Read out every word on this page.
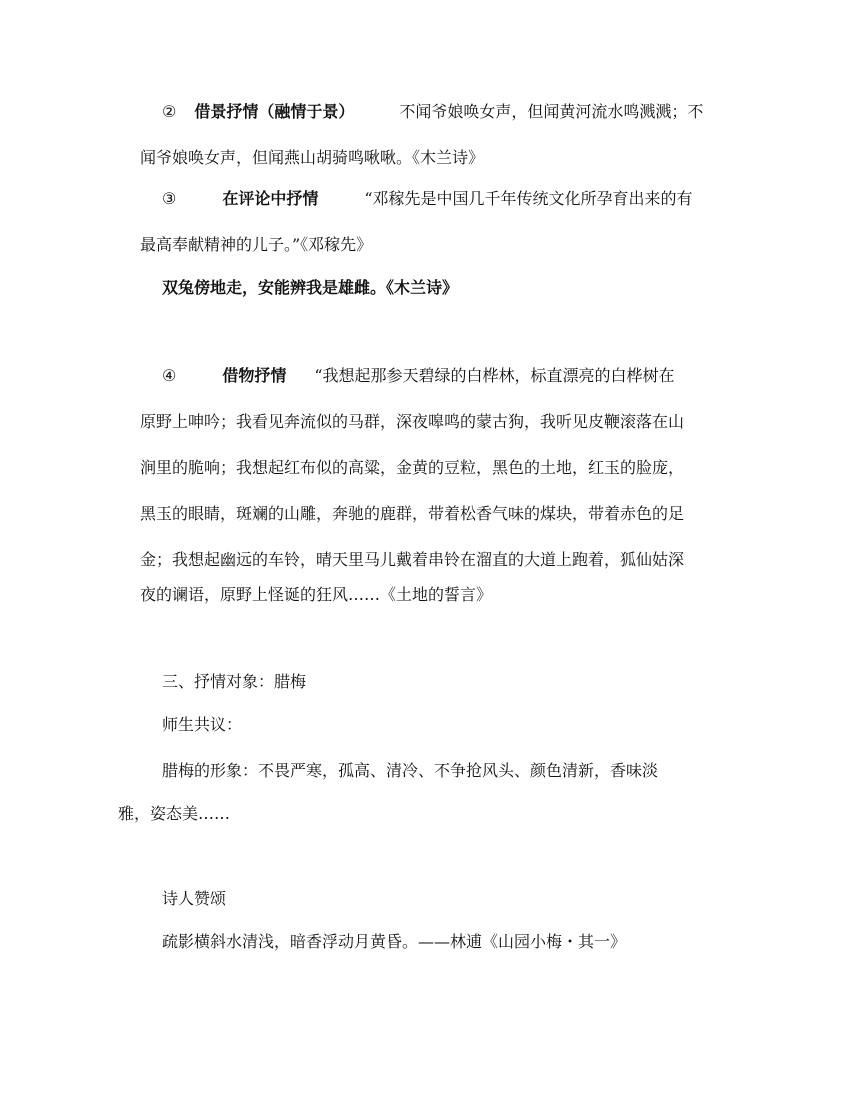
② 借景抒情（融情于景）	不闻爷娘唤女声，但闻黄河流水鸣溅溅；不
闻爷娘唤女声，但闻燕山胡骑鸣啾啾。《木兰诗》
③	在评论中抒情	“邓稼先是中国几千年传统文化所孕育出来的有
最高奉献精神的儿子。”《邓稼先》
双兔傍地走，安能辨我是雄雌。《木兰诗》
④	借物抒情 “我想起那参天碧绿的白桦林，标直漂亮的白桦树在
原野上呻吟；我看见奔流似的马群，深夜嗥鸣的蒙古狗，我听见皮鞭滚落在山
涧里的脆响；我想起红布似的高粱，金黄的豆粒，黑色的土地，红玉的脸庞，
黑玉的眼睛，斑斓的山雕，奔驰的鹿群，带着松香气味的煤块，带着赤色的足
金；我想起幽远的车铃，晴天里马儿戴着串铃在溜直的大道上跑着，狐仙姑深
夜的谰语，原野上怪诞的狂风……《土地的誓言》
三、抒情对象：腊梅
师生共议：
腊梅的形象：不畏严寒，孤高、清冷、不争抢风头、颜色清新，香味淡
雅，姿态美……
诗人赞颂
疏影横斜水清浅，暗香浮动月黄昏。——林逋《山园小梅・其一》
